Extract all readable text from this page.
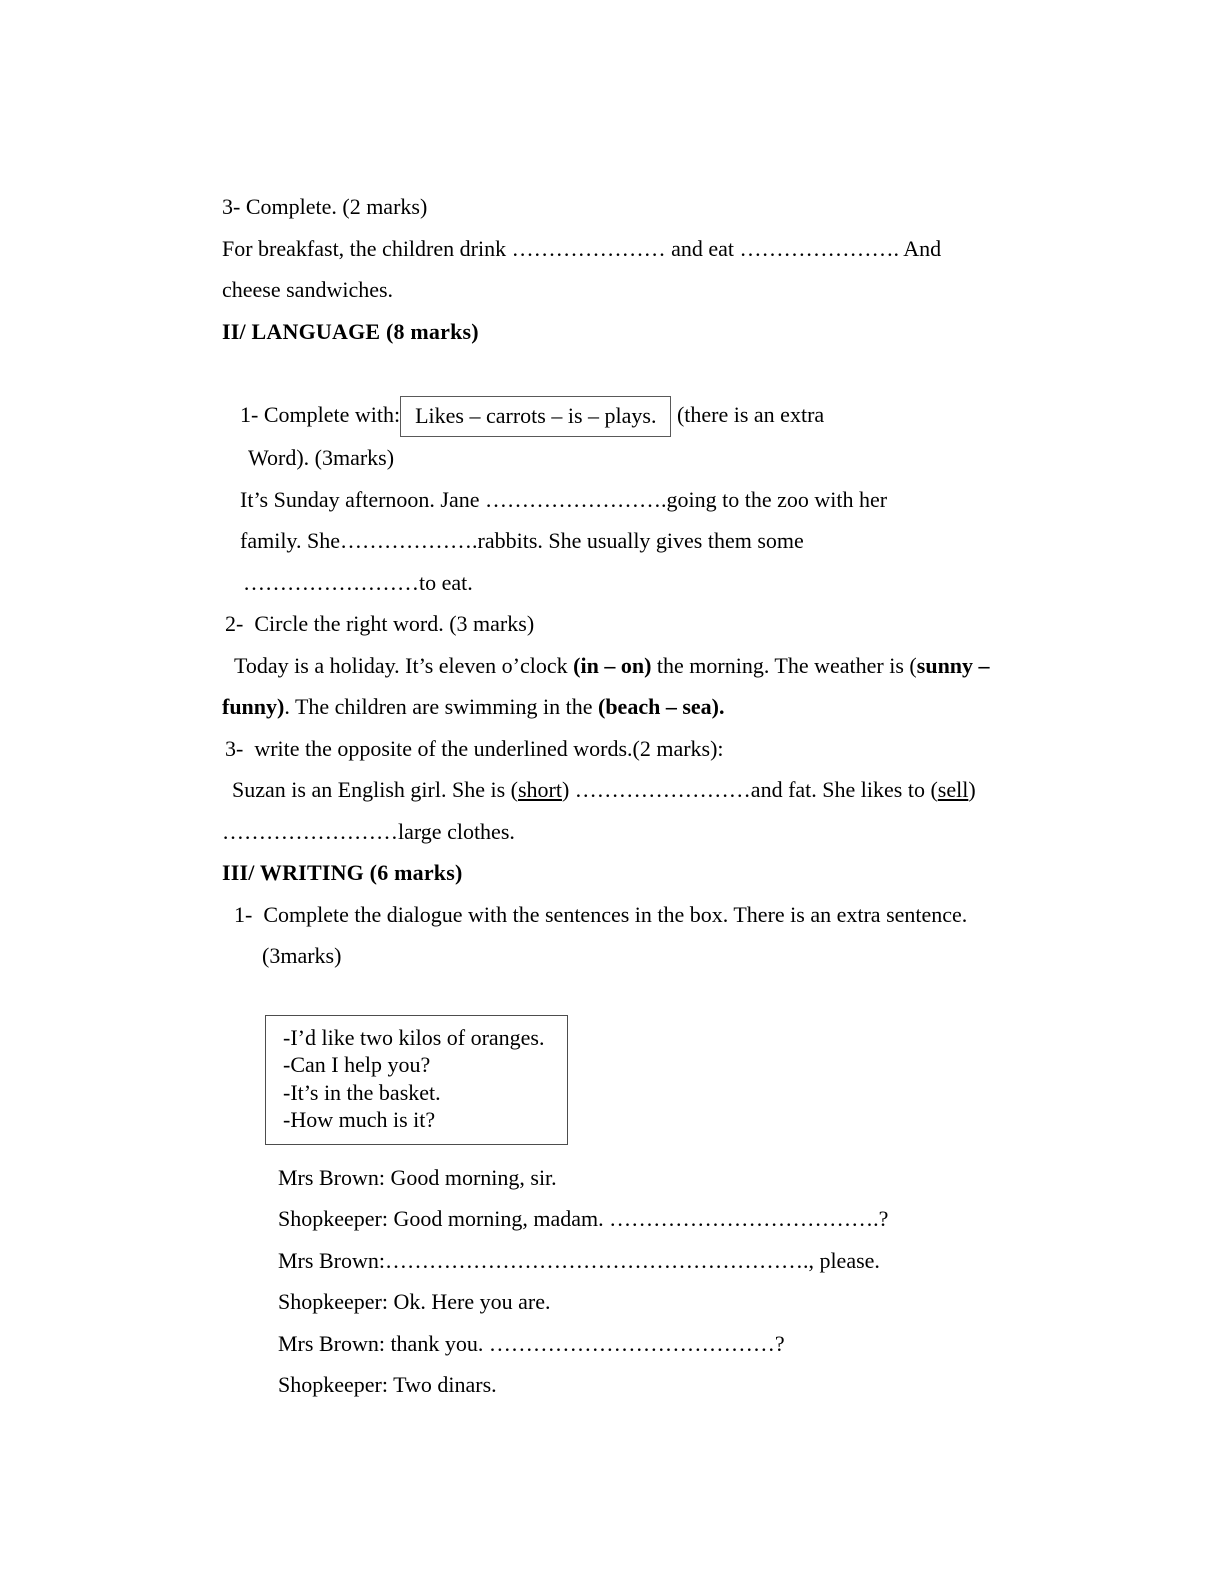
3- Complete. (2 marks)
For breakfast, the children drink ………………… and eat …………………. And
cheese sandwiches.
II/ LANGUAGE (8 marks)
1- Complete with: Likes – carrots – is – plays. (there is an extra
Word). (3marks)
It’s Sunday afternoon. Jane …………………….going to the zoo with her
family. She……………….rabbits. She usually gives them some
……………………to eat.
2-  Circle the right word. (3 marks)
Today is a holiday. It’s eleven o’clock (in – on) the morning. The weather is (sunny –
funny). The children are swimming in the (beach – sea).
3-  write the opposite of the underlined words.(2 marks):
Suzan is an English girl. She is (short) ……………………and fat. She likes to (sell)
……………………large clothes.
III/ WRITING (6 marks)
1-  Complete the dialogue with the sentences in the box. There is an extra sentence.
(3marks)
-I’d like two kilos of oranges.
-Can I help you?
-It’s in the basket.
-How much is it?
Mrs Brown: Good morning, sir.
Shopkeeper: Good morning, madam. ……………………………….?
Mrs Brown:…………………………………………………., please.
Shopkeeper: Ok. Here you are.
Mrs Brown: thank you. …………………………………?
Shopkeeper: Two dinars.
